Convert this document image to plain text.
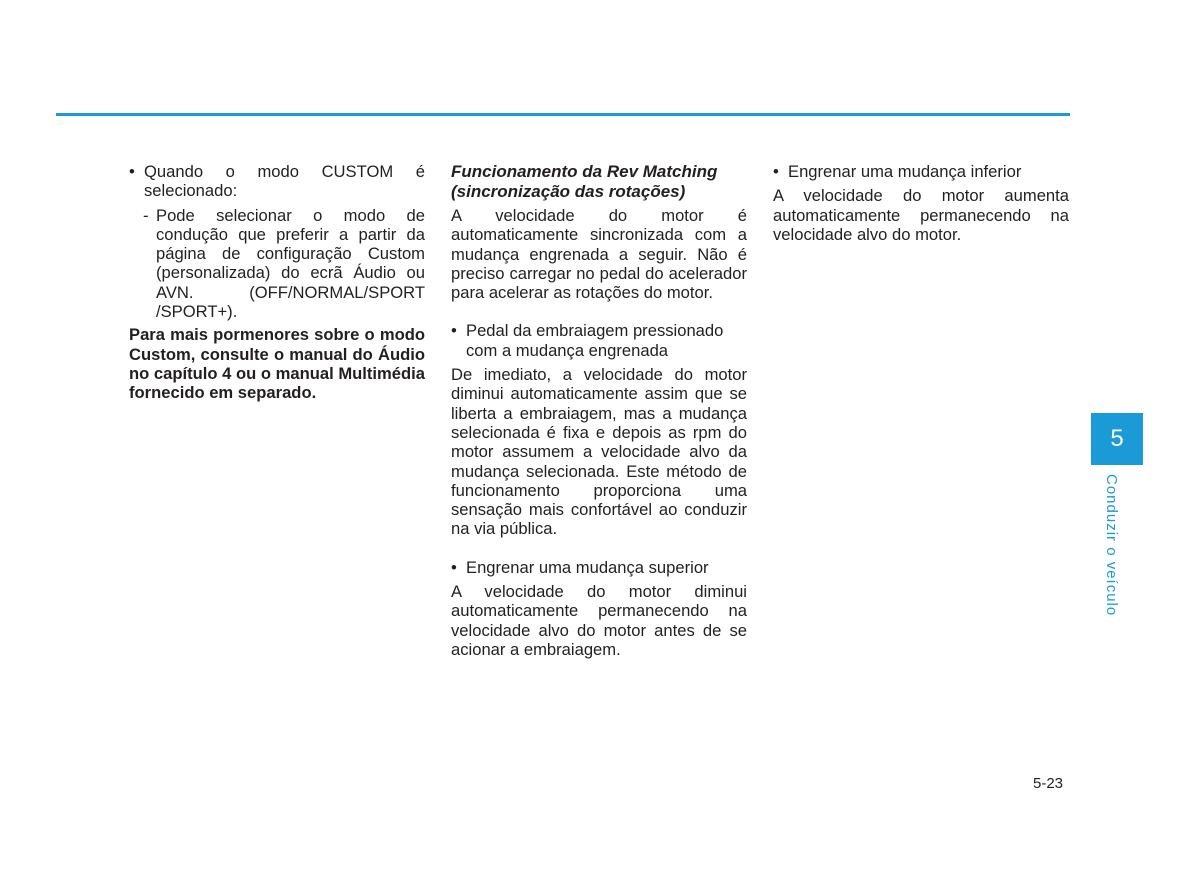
• Quando o modo CUSTOM é selecionado:

- Pode selecionar o modo de condução que preferir a partir da página de configuração Custom (personalizada) do ecrã Áudio ou AVN. (OFF/NORMAL/SPORT /SPORT+).

Para mais pormenores sobre o modo Custom, consulte o manual do Áudio no capítulo 4 ou o manual Multimédia fornecido em separado.

Funcionamento da Rev Matching (sincronização das rotações)

A velocidade do motor é automaticamente sincronizada com a mudança engrenada a seguir. Não é preciso carregar no pedal do acelerador para acelerar as rotações do motor.

• Pedal da embraiagem pressionado com a mudança engrenada

De imediato, a velocidade do motor diminui automaticamente assim que se liberta a embraiagem, mas a mudança selecionada é fixa e depois as rpm do motor assumem a velocidade alvo da mudança selecionada. Este método de funcionamento proporciona uma sensação mais confortável ao conduzir na via pública.

• Engrenar uma mudança superior

A velocidade do motor diminui automaticamente permanecendo na velocidade alvo do motor antes de se acionar a embraiagem.

• Engrenar uma mudança inferior

A velocidade do motor aumenta automaticamente permanecendo na velocidade alvo do motor.

5
Conduzir o veículo
5-23
